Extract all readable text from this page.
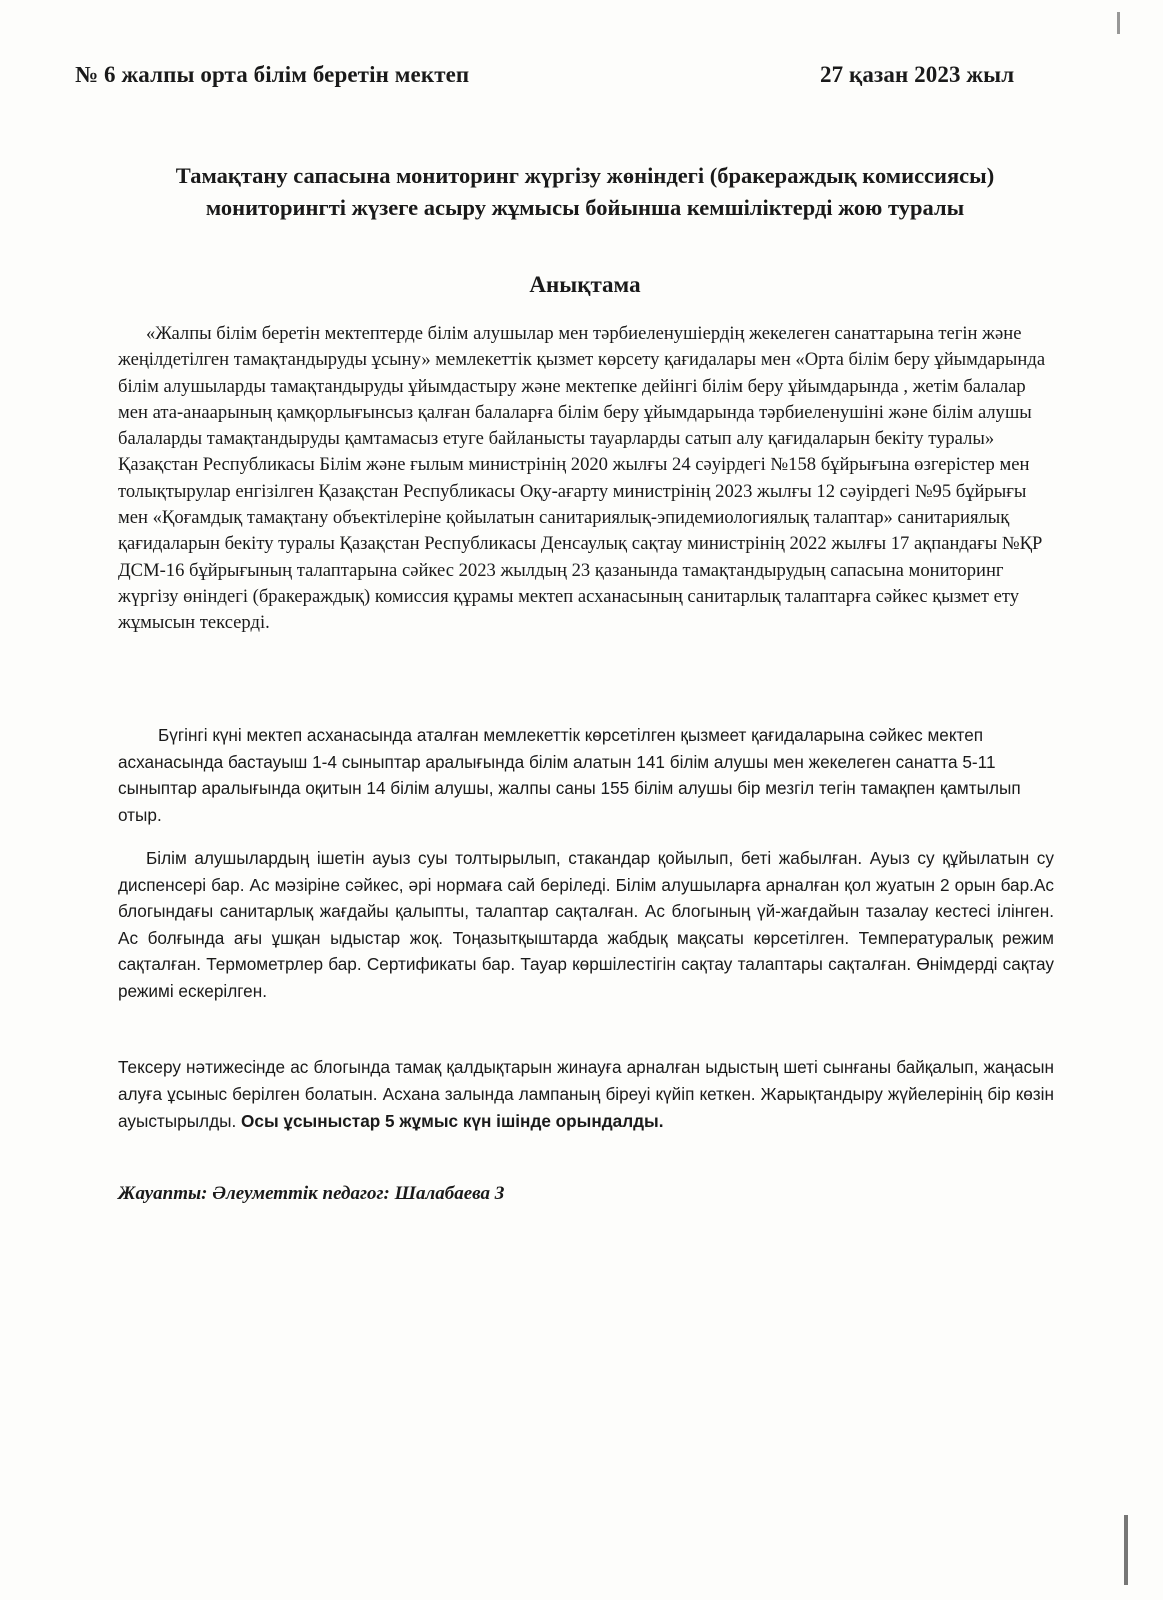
№ 6 жалпы орта білім беретін мектеп	27 қазан 2023 жыл
Тамақтану сапасына мониторинг жүргізу жөніндегі (бракераждық комиссиясы) мониторингті жүзеге асыру жұмысы бойынша кемшіліктерді жою туралы
Анықтама

«Жалпы білім беретін мектептерде білім алушылар мен тәрбиеленушiердің жекелеген санаттарына тегін және жеңілдетілген тамақтандыруды ұсыну» мемлекеттік қызмет көрсету қағидалары мен «Орта білім беру ұйымдарында білім алушыларды тамақтандыруды ұйымдастыру және мектепке дейінгі білім беру ұйымдарында , жетім балалар мен ата-анаарының қамқорлығынсыз қалған балаларға білім беру ұйымдарында тәрбиеленушіні және білім алушы балаларды тамақтандыруды қамтамасыз етуге байланысты тауарларды сатып алу қағидаларын бекіту туралы» Қазақстан Республикасы Білім және ғылым министрінің 2020 жылғы 24 сәуірдегі №158 бұйрығына өзгерістер мен толықтырулар енгізілген Қазақстан Республикасы Оқу-ағарту министрінің 2023 жылғы 12 сәуірдегі №95 бұйрығы мен «Қоғамдық тамақтану объектілеріне қойылатын санитариялық-эпидемиологиялық талаптар» санитариялық қағидаларын бекіту туралы Қазақстан Республикасы Денсаулық сақтау министрінің 2022 жылғы 17 ақпандағы №ҚР ДСМ-16 бұйрығының талаптарына сәйкес 2023 жылдың 23 қазанында тамақтандырудың сапасына мониторинг жүргізу өніндегі (бракераждық) комиссия құрамы мектеп асханасының санитарлық талаптарға сәйкес қызмет ету жұмысын тексерді.

Бүгінгі күні мектеп асханасында аталған мемлекеттік көрсетілген қызмеет қағидаларына сәйкес мектеп асханасында бастауыш 1-4 сыныптар аралығында білім алатын 141 білім алушы мен жекелеген санатта 5-11 сыныптар аралығында оқитын 14 білім алушы, жалпы саны 155 білім алушы бір мезгіл тегін тамақпен қамтылып отыр.

Білім алушылардың ішетін ауыз суы толтырылып, стакандар қойылып, беті жабылған. Ауыз су құйылатын су диспенсері бар. Ас мәзіріне сәйкес, әрі нормаға сай беріледі. Білім алушыларға арналған қол жуатын 2 орын бар.Ас блогындағы санитарлық жағдайы қалыпты, талаптар сақталған. Ас блогының үй-жағдайын тазалау кестесі ілінген. Ас болғында ағы ұшқан ыдыстар жоқ. Тоңазытқыштарда жабдық мақсаты көрсетілген. Температуралық режим сақталған. Термометрлер бар. Сертификаты бар. Тауар көршілестігін сақтау талаптары сақталған. Өнімдерді сақтау режимі ескерілген.

Тексеру нәтижесінде ас блогында тамақ қалдықтарын жинауға арналған ыдыстың шеті сынғаны байқалып, жаңасын алуға ұсыныс берілген болатын. Асхана залында лампаның біреуі күйіп кеткен. Жарықтандыру жүйелерінің бір көзін ауыстырылды. Осы ұсыныстар 5 жұмыс күн ішінде орындалды.

Жауапты: Әлеуметтік педагог: Шалабаева З
